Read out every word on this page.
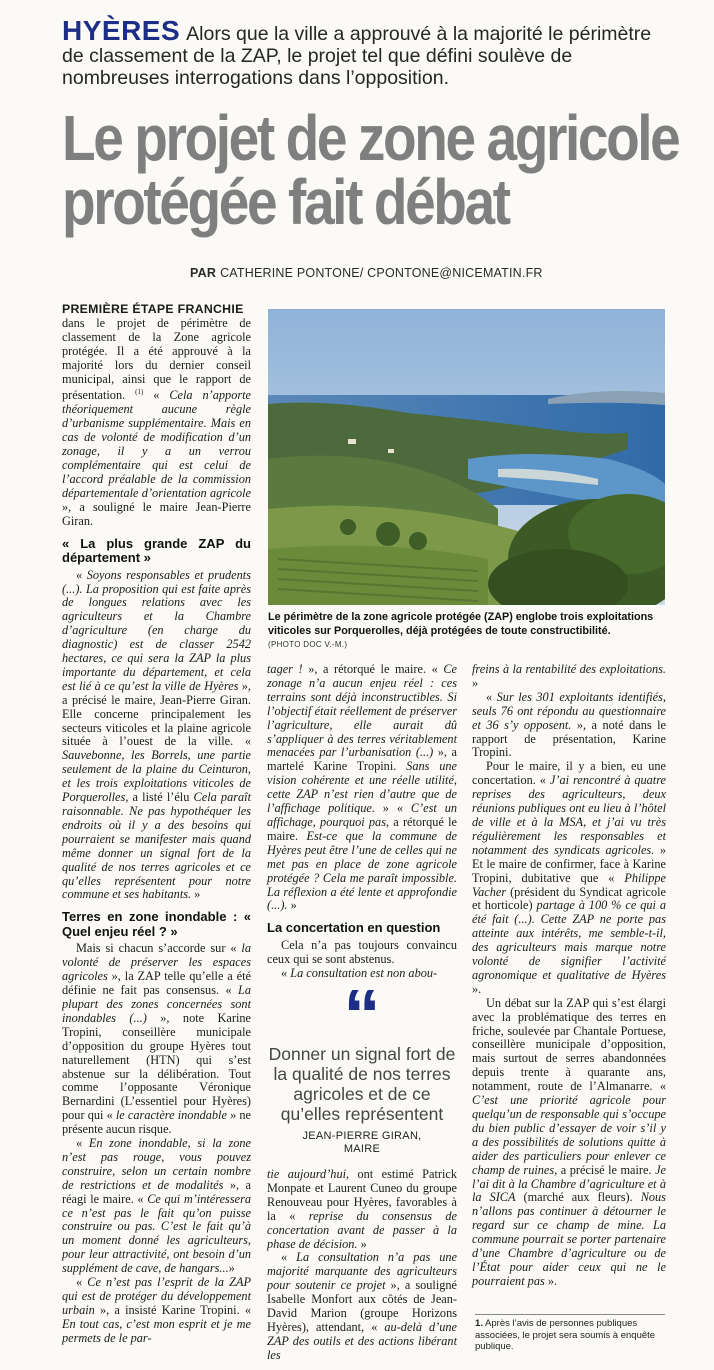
HYÈRES Alors que la ville a approuvé à la majorité le périmètre de classement de la ZAP, le projet tel que défini soulève de nombreuses interrogations dans l’opposition.
Le projet de zone agricole
protégée fait débat
PAR CATHERINE PONTONE/ CPONTONE@NICEMATIN.FR

PREMIÈRE ÉTAPE FRANCHIE
dans le projet de périmètre de classement de la Zone agricole protégée. Il a été approuvé à la majorité lors du dernier conseil municipal, ainsi que le rapport de présentation. $^{(1)}$ « Cela n’apporte théoriquement aucune règle d’urbanisme supplémentaire. Mais en cas de volonté de modification d’un zonage, il y a un verrou complémentaire qui est celui de l’accord préalable de la commission départementale d’orientation agricole », a souligné le maire Jean-Pierre Giran.

« La plus grande ZAP du département »

« Soyons responsables et prudents (...). La proposition qui est faite après de longues relations avec les agriculteurs et la Chambre d’agriculture (en charge du diagnostic) est de classer 2542 hectares, ce qui sera la ZAP la plus importante du département, et cela est lié à ce qu’est la ville de Hyères », a précisé le maire, Jean-Pierre Giran. Elle concerne principalement les secteurs viticoles et la plaine agricole située à l’ouest de la ville. « Sauvebonne, les Borrels, une partie seulement de la plaine du Ceinturon, et les trois exploitations viticoles de Porquerolles, a listé l’élu Cela paraît raisonnable. Ne pas hypothéquer les endroits où il y a des besoins qui pourraient se manifester mais quand même donner un signal fort de la qualité de nos terres agricoles et ce qu’elles représentent pour notre commune et ses habitants. »

Terres en zone inondable : « Quel enjeu réel ? »

Mais si chacun s’accorde sur « la volonté de préserver les espaces agricoles », la ZAP telle qu’elle a été définie ne fait pas consensus. « La plupart des zones concernées sont inondables (...) », note Karine Tropini, conseillère municipale d’opposition du groupe Hyères tout naturellement (HTN) qui s’est abstenue sur la délibération. Tout comme l’opposante Véronique Bernardini (L’essentiel pour Hyères) pour qui « le caractère inondable » ne présente aucun risque.

« En zone inondable, si la zone n’est pas rouge, vous pouvez construire, selon un certain nombre de restrictions et de modalités », a réagi le maire. « Ce qui m’intéressera ce n’est pas le fait qu’on puisse construire ou pas. C’est le fait qu’à un moment donné les agriculteurs, pour leur attractivité, ont besoin d’un supplément de cave, de hangars...»

« Ce n’est pas l’esprit de la ZAP qui est de protéger du développement urbain », a insisté Karine Tropini. « En tout cas, c’est mon esprit et je me permets de le par-

Le périmètre de la zone agricole protégée (ZAP) englobe trois exploitations viticoles sur Porquerolles, déjà protégées de toute constructibilité.
(PHOTO DOC V.-M.)

tager ! », a rétorqué le maire. « Ce zonage n’a aucun enjeu réel : ces terrains sont déjà inconstructibles. Si l’objectif était réellement de préserver l’agriculture, elle aurait dû s’appliquer à des terres véritablement menacées par l’urbanisation (...) », a martelé Karine Tropini. Sans une vision cohérente et une réelle utilité, cette ZAP n’est rien d’autre que de l’affichage politique. » « C’est un affichage, pourquoi pas, a rétorqué le maire. Est-ce que la commune de Hyères peut être l’une de celles qui ne met pas en place de zone agricole protégée ? Cela me paraît impossible. La réflexion a été lente et approfondie (...). »

La concertation en question

Cela n’a pas toujours convaincu ceux qui se sont abstenus.

« La consultation est non abou-

“
Donner un signal fort de la qualité de nos terres agricoles et de ce qu’elles représentent
JEAN-PIERRE GIRAN,
MAIRE

tie aujourd’hui, ont estimé Patrick Monpate et Laurent Cuneo du groupe Renouveau pour Hyères, favorables à la « reprise du consensus de concertation avant de passer à la phase de décision. »

« La consultation n’a pas une majorité marquante des agriculteurs pour soutenir ce projet », a souligné Isabelle Monfort aux côtés de Jean-David Marion (groupe Horizons Hyères), attendant, « au-delà d’une ZAP des outils et des actions libérant les

freins à la rentabilité des exploitations. »

« Sur les 301 exploitants identifiés, seuls 76 ont répondu au questionnaire et 36 s’y opposent. », a noté dans le rapport de présentation, Karine Tropini.

Pour le maire, il y a bien, eu une concertation. « J’ai rencontré à quatre reprises des agriculteurs, deux réunions publiques ont eu lieu à l’hôtel de ville et à la MSA, et j’ai vu très régulièrement les responsables et notamment des syndicats agricoles. » Et le maire de confirmer, face à Karine Tropini, dubitative que « Philippe Vacher (président du Syndicat agricole et horticole) partage à 100 % ce qui a été fait (...). Cette ZAP ne porte pas atteinte aux intérêts, me semble-t-il, des agriculteurs mais marque notre volonté de signifier l’activité agronomique et qualitative de Hyères ».

Un débat sur la ZAP qui s’est élargi avec la problématique des terres en friche, soulevée par Chantale Portuese, conseillère municipale d’opposition, mais surtout de serres abandonnées depuis trente à quarante ans, notamment, route de l’Almanarre. « C’est une priorité agricole pour quelqu’un de responsable qui s’occupe du bien public d’essayer de voir s’il y a des possibilités de solutions quitte à aider des particuliers pour enlever ce champ de ruines, a précisé le maire. Je l’ai dit à la Chambre d’agriculture et à la SICA (marché aux fleurs). Nous n’allons pas continuer à détourner le regard sur ce champ de mine. La commune pourrait se porter partenaire d’une Chambre d’agriculture ou de l’État pour aider ceux qui ne le pourraient pas ».

1. Après l’avis de personnes publiques associées, le projet sera soumis à enquête publique.
